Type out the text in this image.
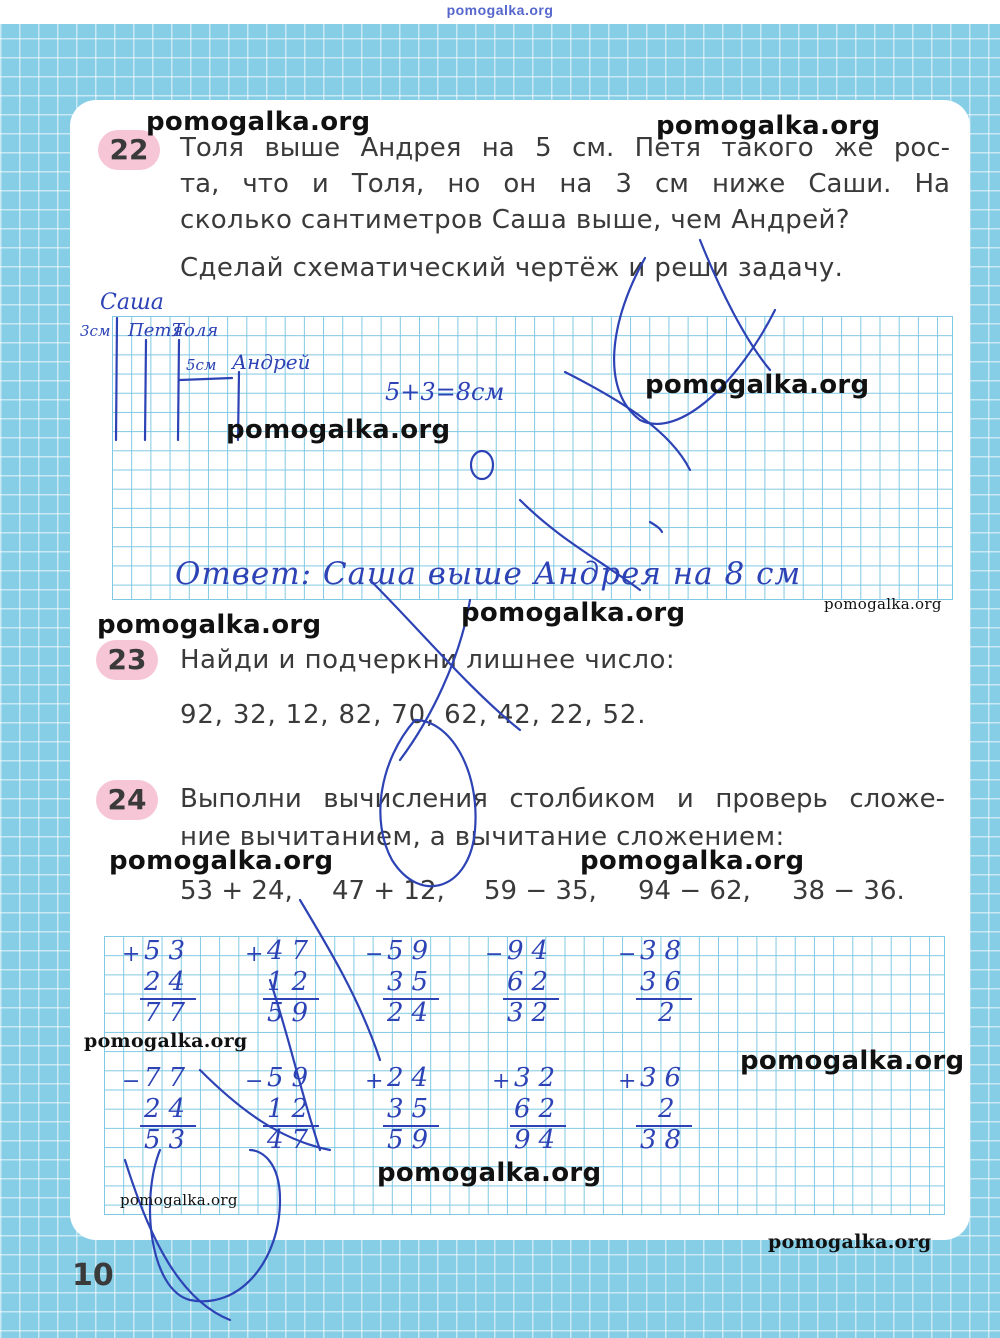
pomogalka.org
22	Толя выше Андрея на 5 см. Петя такого же рос-
та, что и Толя, но он на 3 см ниже Саши. На
сколько сантиметров Саша выше, чем Андрей?
Сделай схематический чертёж и реши задачу.
Саша
3см Петя
Толя
5см Андрей
5+3=8см
Ответ: Саша выше Андрея на 8 см
23	Найди и подчеркни лишнее число:
92, 32, 12, 82, 70, 62, 42, 22, 52.
24	Выполни вычисления столбиком и проверь сложе-
ние вычитанием, а вычитание сложением:
53 + 24, 47 + 12, 59 − 35, 94 − 62, 38 − 36.
+ 53
24
77
+ 47
12
59
− 59
35
24
− 94
62
32
− 38
36
2
− 77
24
53
− 59
12
47
+ 24
35
59
+ 32
62
94
+ 36
2
38
pomogalka.org	pomogalka.org
pomogalka.org
pomogalka.org
pomogalka.org	pomogalka.org	pomogalka.org
pomogalka.org	pomogalka.org
pomogalka.org
pomogalka.org
pomogalka.org
pomogalka.org
pomogalka.org
10
